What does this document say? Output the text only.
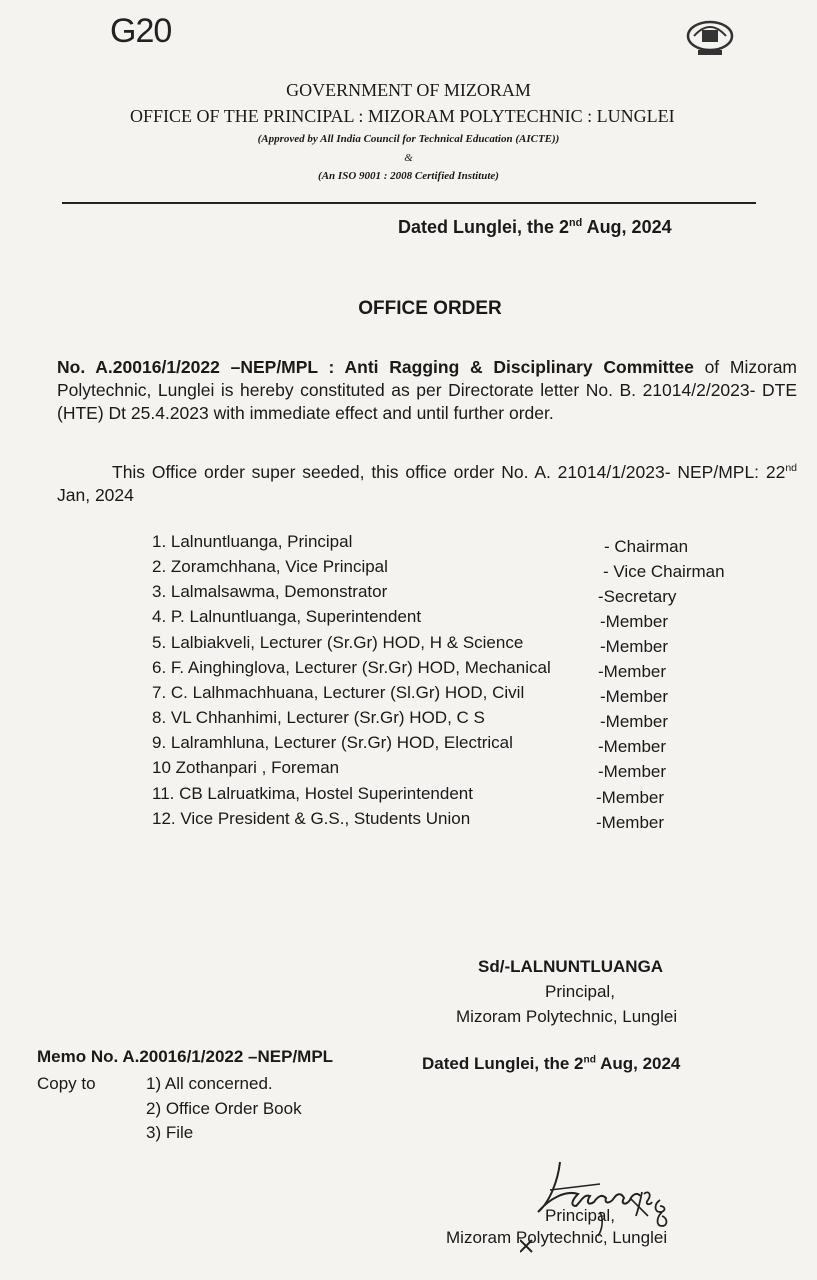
G20
GOVERNMENT OF MIZORAM
OFFICE OF THE PRINCIPAL : MIZORAM POLYTECHNIC : LUNGLEI
(Approved by All India Council for Technical Education (AICTE))
&
(An ISO 9001 : 2008 Certified Institute)
Dated Lunglei, the 2nd Aug, 2024
OFFICE ORDER
No. A.20016/1/2022 –NEP/MPL : Anti Ragging & Disciplinary Committee of Mizoram Polytechnic, Lunglei is hereby constituted as per Directorate letter No. B. 21014/2/2023- DTE (HTE) Dt 25.4.2023 with immediate effect and until further order.
This Office order super seeded, this office order No. A. 21014/1/2023- NEP/MPL: 22nd Jan, 2024
1. Lalnuntluanga, Principal	- Chairman
2. Zoramchhana, Vice Principal	- Vice Chairman
3. Lalmalsawma, Demonstrator	-Secretary
4. P. Lalnuntluanga, Superintendent	-Member
5. Lalbiakveli, Lecturer (Sr.Gr) HOD, H & Science	-Member
6. F. Ainghinglova, Lecturer (Sr.Gr) HOD, Mechanical	-Member
7. C. Lalhmachhuana, Lecturer (Sl.Gr) HOD, Civil	-Member
8. VL Chhanhimi, Lecturer (Sr.Gr) HOD, C S	-Member
9. Lalramhluna, Lecturer (Sr.Gr) HOD, Electrical	-Member
10 Zothanpari , Foreman	-Member
11. CB Lalruatkima, Hostel Superintendent	-Member
12. Vice President & G.S., Students Union	-Member
Sd/-LALNUNTLUANGA
Principal,
Mizoram Polytechnic, Lunglei
Memo No. A.20016/1/2022 –NEP/MPL	Dated Lunglei, the 2nd Aug, 2024
Copy to	1) All concerned.
2) Office Order Book
3) File
Principal,
Mizoram Polytechnic, Lunglei
